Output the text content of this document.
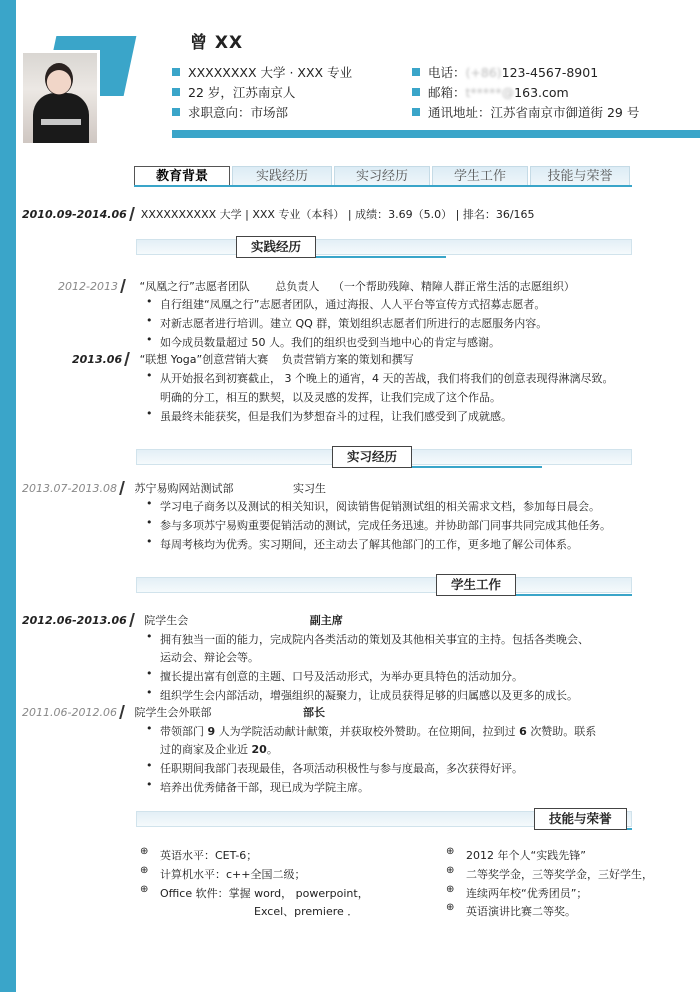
曾 XX
XXXXXXXX 大学 · XXX 专业
22 岁，江苏南京人
求职意向：市场部
电话：(+86)123-4567-8901
邮箱：t*****@163.com
通讯地址：江苏省南京市御道街 29 号
教育背景	实践经历	实习经历	学生工作	技能与荣誉
2010.09-2014.06 XXXXXXXXXX 大学 | XXX 专业（本科） | 成绩：3.69（5.0） | 排名：36/165
实践经历
2012-2013 “凤凰之行”志愿者团队 总负责人 （一个帮助残障、精障人群正常生活的志愿组织）
• 自行组建“凤凰之行”志愿者团队，通过海报、人人平台等宣传方式招募志愿者。
• 对新志愿者进行培训。建立 QQ 群，策划组织志愿者们所进行的志愿服务内容。
• 如今成员数量超过 50 人。我们的组织也受到当地中心的肯定与感谢。
2013.06 “联想 Yoga”创意营销大赛 负责营销方案的策划和撰写
• 从开始报名到初赛截止， 3 个晚上的通宵，4 天的苦战，我们将我们的创意表现得淋漓尽致。
明确的分工，相互的默契，以及灵感的发挥，让我们完成了这个作品。
• 虽最终未能获奖，但是我们为梦想奋斗的过程，让我们感受到了成就感。
实习经历
2013.07-2013.08 苏宁易购网站测试部	实习生
• 学习电子商务以及测试的相关知识，阅读销售促销测试组的相关需求文档，参加每日晨会。
• 参与多项苏宁易购重要促销活动的测试，完成任务迅速。并协助部门同事共同完成其他任务。
• 每周考核均为优秀。实习期间，还主动去了解其他部门的工作，更多地了解公司体系。
学生工作
2012.06-2013.06 院学生会	副主席
• 拥有独当一面的能力，完成院内各类活动的策划及其他相关事宜的主持。包括各类晚会、
运动会、辩论会等。
• 擅长提出富有创意的主题、口号及活动形式，为举办更具特色的活动加分。
• 组织学生会内部活动，增强组织的凝聚力，让成员获得足够的归属感以及更多的成长。
2011.06-2012.06 院学生会外联部	部长
• 带领部门 9 人为学院活动献计献策，并获取校外赞助。在位期间，拉到过 6 次赞助。联系
过的商家及企业近 20。
• 任职期间我部门表现最佳，各项活动积极性与参与度最高，多次获得好评。
• 培养出优秀储备干部，现已成为学院主席。
技能与荣誉
⊕ 英语水平：CET-6；
⊕ 计算机水平：c++全国二级；
⊕ Office 软件：掌握 word， powerpoint，
Excel、premiere ．
⊕ 2012 年个人“实践先锋”
⊕ 二等奖学金，三等奖学金，三好学生，
⊕ 连续两年校“优秀团员”；
⊕ 英语演讲比赛二等奖。
